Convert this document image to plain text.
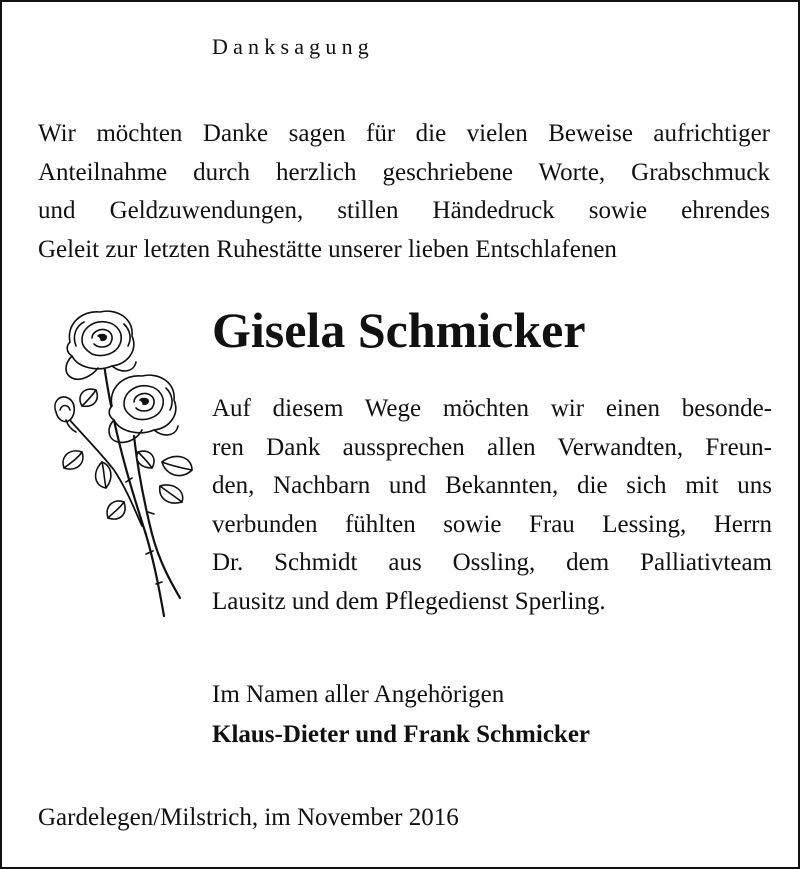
Danksagung
Wir möchten Danke sagen für die vielen Beweise aufrichtiger
Anteilnahme durch herzlich geschriebene Worte, Grabschmuck
und Geldzuwendungen, stillen Händedruck sowie ehrendes
Geleit zur letzten Ruhestätte unserer lieben Entschlafenen
Gisela Schmicker
Auf diesem Wege möchten wir einen besonde-
ren Dank aussprechen allen Verwandten, Freun-
den, Nachbarn und Bekannten, die sich mit uns
verbunden fühlten sowie Frau Lessing, Herrn
Dr. Schmidt aus Ossling, dem Palliativteam
Lausitz und dem Pflegedienst Sperling.
Im Namen aller Angehörigen
Klaus-Dieter und Frank Schmicker
Gardelegen/Milstrich, im November 2016
